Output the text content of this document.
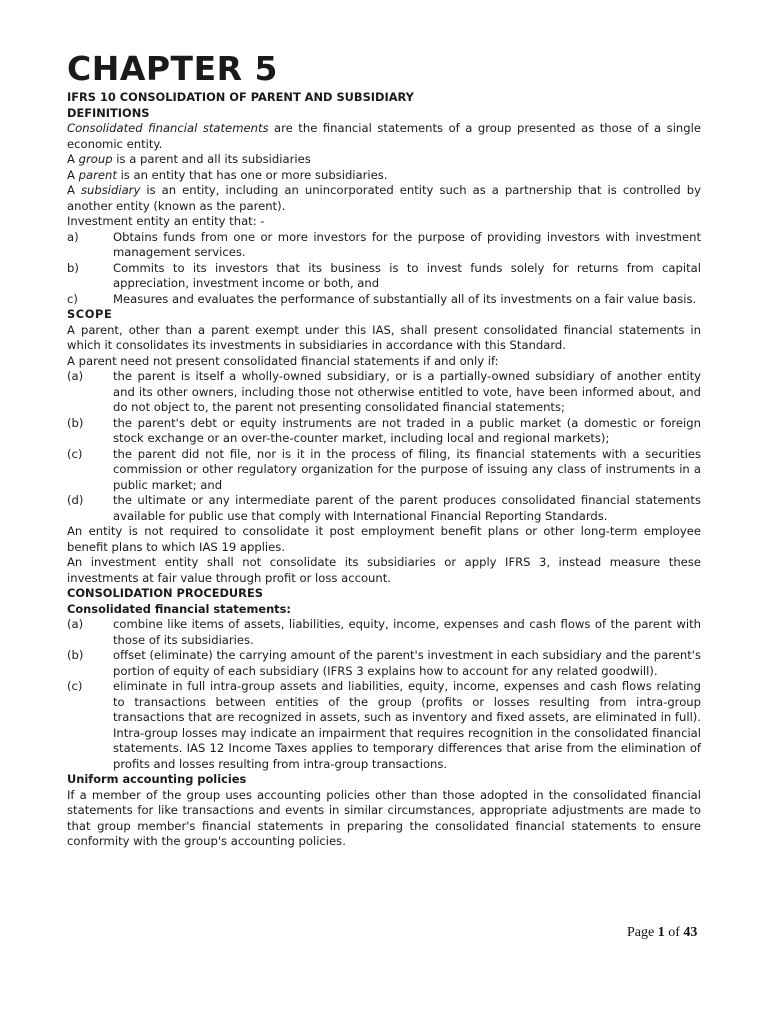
CHAPTER 5
IFRS 10 CONSOLIDATION OF PARENT AND SUBSIDIARY
DEFINITIONS

Consolidated financial statements are the financial statements of a group presented as those of a single economic entity.

A group is a parent and all its subsidiaries

A parent is an entity that has one or more subsidiaries.

A subsidiary is an entity, including an unincorporated entity such as a partnership that is controlled by another entity (known as the parent).

Investment entity an entity that: -

a)	Obtains funds from one or more investors for the purpose of providing investors with investment management services.
b)	Commits to its investors that its business is to invest funds solely for returns from capital appreciation, investment income or both, and
c)	Measures and evaluates the performance of substantially all of its investments on a fair value basis.
SCOPE

A parent, other than a parent exempt under this IAS, shall present consolidated financial statements in which it consolidates its investments in subsidiaries in accordance with this Standard.

A parent need not present consolidated financial statements if and only if:

(a)	the parent is itself a wholly-owned subsidiary, or is a partially-owned subsidiary of another entity and its other owners, including those not otherwise entitled to vote, have been informed about, and do not object to, the parent not presenting consolidated financial statements;
(b)	the parent's debt or equity instruments are not traded in a public market (a domestic or foreign stock exchange or an over-the-counter market, including local and regional markets);
(c)	the parent did not file, nor is it in the process of filing, its financial statements with a securities commission or other regulatory organization for the purpose of issuing any class of instruments in a public market; and
(d)	the ultimate or any intermediate parent of the parent produces consolidated financial statements available for public use that comply with International Financial Reporting Standards.

An entity is not required to consolidate it post employment benefit plans or other long-term employee benefit plans to which IAS 19 applies.

An investment entity shall not consolidate its subsidiaries or apply IFRS 3, instead measure these investments at fair value through profit or loss account.

CONSOLIDATION PROCEDURES
Consolidated financial statements:
(a)	combine like items of assets, liabilities, equity, income, expenses and cash flows of the parent with those of its subsidiaries.
(b)	offset (eliminate) the carrying amount of the parent's investment in each subsidiary and the parent's portion of equity of each subsidiary (IFRS 3 explains how to account for any related goodwill).
(c)	eliminate in full intra-group assets and liabilities, equity, income, expenses and cash flows relating to transactions between entities of the group (profits or losses resulting from intra-group transactions that are recognized in assets, such as inventory and fixed assets, are eliminated in full). Intra-group losses may indicate an impairment that requires recognition in the consolidated financial statements. IAS 12 Income Taxes applies to temporary differences that arise from the elimination of profits and losses resulting from intra-group transactions.
Uniform accounting policies

If a member of the group uses accounting policies other than those adopted in the consolidated financial statements for like transactions and events in similar circumstances, appropriate adjustments are made to that group member's financial statements in preparing the consolidated financial statements to ensure conformity with the group's accounting policies.

Page 1 of 43
